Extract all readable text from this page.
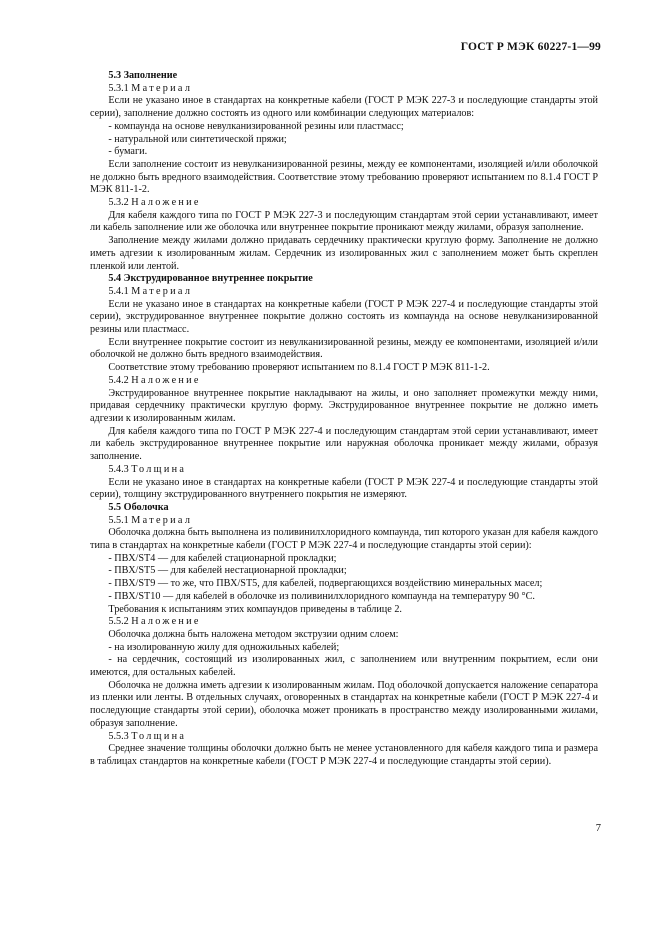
ГОСТ Р МЭК 60227-1—99

5.3 Заполнение

5.3.1 Материал

Если не указано иное в стандартах на конкретные кабели (ГОСТ Р МЭК 227-3 и последующие стандарты этой серии), заполнение должно состоять из одного или комбинации следующих материалов:

- компаунда на основе невулканизированной резины или пластмасс;

- натуральной или синтетической пряжи;

- бумаги.

Если заполнение состоит из невулканизированной резины, между ее компонентами, изоляцией и/или оболочкой не должно быть вредного взаимодействия. Соответствие этому требованию проверяют испытанием по 8.1.4 ГОСТ Р МЭК 811-1-2.

5.3.2 Наложение

Для кабеля каждого типа по ГОСТ Р МЭК 227-3 и последующим стандартам этой серии устанавливают, имеет ли кабель заполнение или же оболочка или внутреннее покрытие проникают между жилами, образуя заполнение.

Заполнение между жилами должно придавать сердечнику практически круглую форму. Заполнение не должно иметь адгезии к изолированным жилам. Сердечник из изолированных жил с заполнением может быть скреплен пленкой или лентой.

5.4 Экструдированное внутреннее покрытие

5.4.1 Материал

Если не указано иное в стандартах на конкретные кабели (ГОСТ Р МЭК 227-4 и последующие стандарты этой серии), экструдированное внутреннее покрытие должно состоять из компаунда на основе невулканизированной резины или пластмасс.

Если внутреннее покрытие состоит из невулканизированной резины, между ее компонентами, изоляцией и/или оболочкой не должно быть вредного взаимодействия.

Соответствие этому требованию проверяют испытанием по 8.1.4 ГОСТ Р МЭК 811-1-2.

5.4.2 Наложение

Экструдированное внутреннее покрытие накладывают на жилы, и оно заполняет промежутки между ними, придавая сердечнику практически круглую форму. Экструдированное внутреннее покрытие не должно иметь адгезии к изолированным жилам.

Для кабеля каждого типа по ГОСТ Р МЭК 227-4 и последующим стандартам этой серии устанавливают, имеет ли кабель экструдированное внутреннее покрытие или наружная оболочка проникает между жилами, образуя заполнение.

5.4.3 Толщина

Если не указано иное в стандартах на конкретные кабели (ГОСТ Р МЭК 227-4 и последующие стандарты этой серии), толщину экструдированного внутреннего покрытия не измеряют.

5.5 Оболочка

5.5.1 Материал

Оболочка должна быть выполнена из поливинилхлоридного компаунда, тип которого указан для кабеля каждого типа в стандартах на конкретные кабели (ГОСТ Р МЭК 227-4 и последующие стандарты этой серии):

- ПВХ/ST4 — для кабелей стационарной прокладки;

- ПВХ/ST5 — для кабелей нестационарной прокладки;

- ПВХ/ST9 — то же, что ПВХ/ST5, для кабелей, подвергающихся воздействию минеральных масел;

- ПВХ/ST10 — для кабелей в оболочке из поливинилхлоридного компаунда на температуру 90 °С.

Требования к испытаниям этих компаундов приведены в таблице 2.

5.5.2 Наложение

Оболочка должна быть наложена методом экструзии одним слоем:

- на изолированную жилу для одножильных кабелей;

- на сердечник, состоящий из изолированных жил, с заполнением или внутренним покрытием, если они имеются, для остальных кабелей.

Оболочка не должна иметь адгезии к изолированным жилам. Под оболочкой допускается наложение сепаратора из пленки или ленты. В отдельных случаях, оговоренных в стандартах на конкретные кабели (ГОСТ Р МЭК 227-4 и последующие стандарты этой серии), оболочка может проникать в пространство между изолированными жилами, образуя заполнение.

5.5.3 Толщина

Среднее значение толщины оболочки должно быть не менее установленного для кабеля каждого типа и размера в таблицах стандартов на конкретные кабели (ГОСТ Р МЭК 227-4 и последующие стандарты этой серии).

7
